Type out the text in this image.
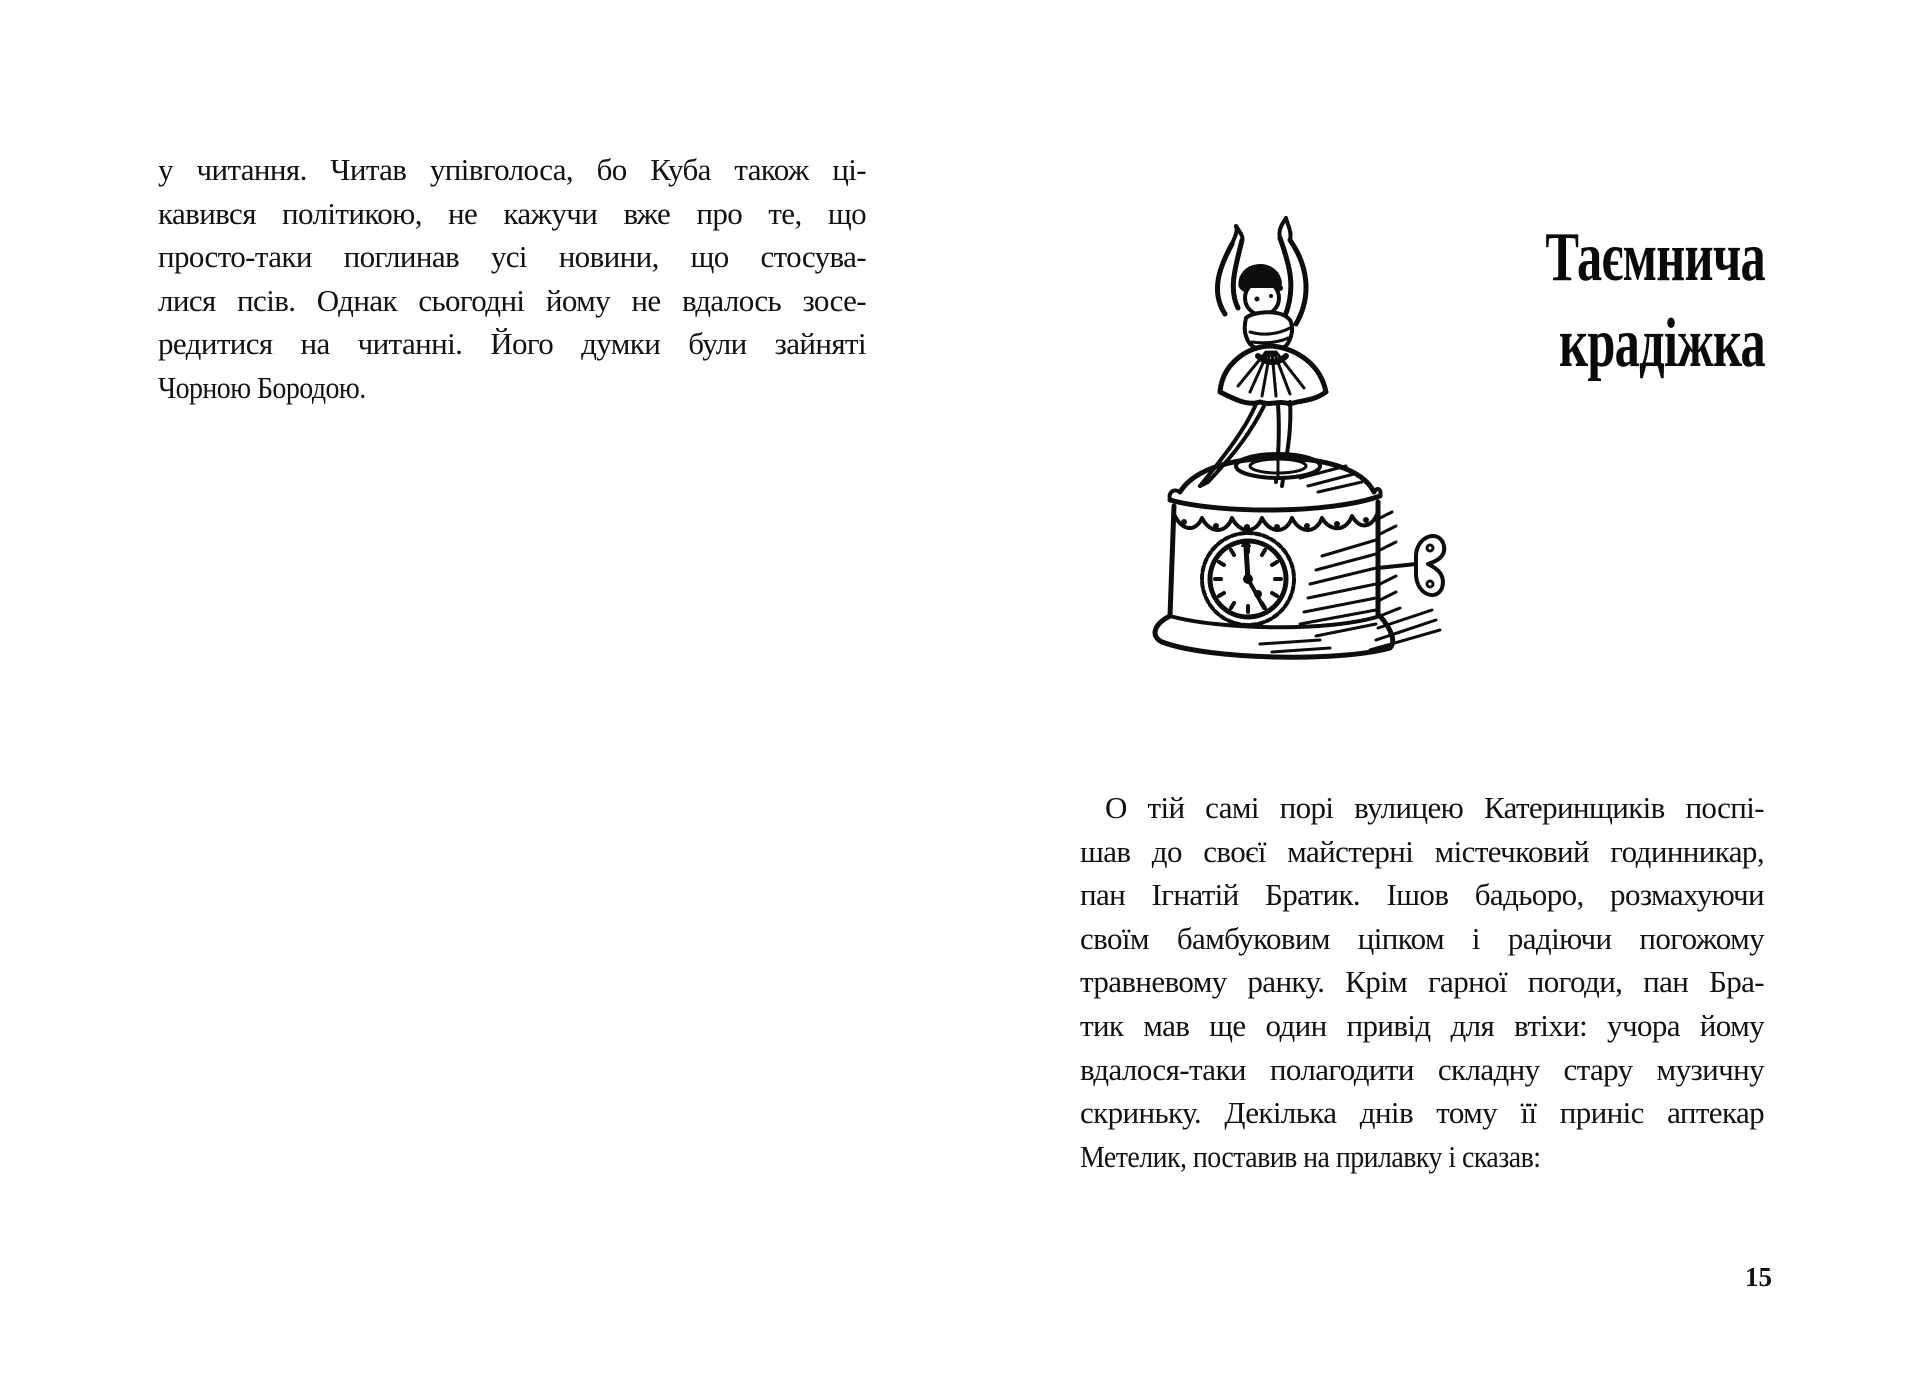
у читання. Читав упівголоса, бо Куба також ці-
кавився політикою, не кажучи вже про те, що
просто-таки поглинав усі новини, що стосува-
лися псів. Однак сьогодні йому не вдалось зосе-
редитися на читанні. Його думки були зайняті
Чорною Бородою.
Таємнича
крадіжка
О тій самі порі вулицею Катеринщиків поспі-
шав до своєї майстерні містечковий годинникар,
пан Ігнатій Братик. Ішов бадьоро, розмахуючи
своїм бамбуковим ціпком і радіючи погожому
травневому ранку. Крім гарної погоди, пан Бра-
тик мав ще один привід для втіхи: учора йому
вдалося-таки полагодити складну стару музичну
скриньку. Декілька днів тому її приніс аптекар
Метелик, поставив на прилавку і сказав:
15
